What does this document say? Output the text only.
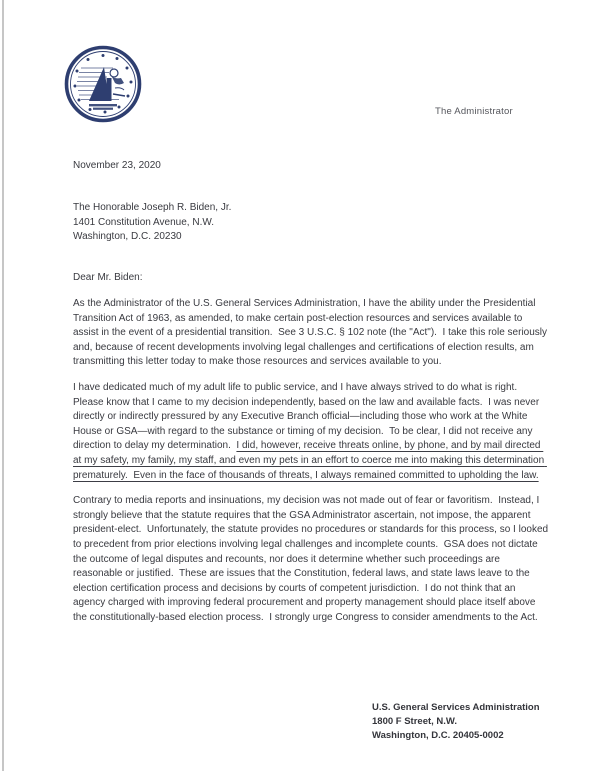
The Administrator
November 23, 2020
The Honorable Joseph R. Biden, Jr.
1401 Constitution Avenue, N.W.
Washington, D.C. 20230
Dear Mr. Biden:

As the Administrator of the U.S. General Services Administration, I have the ability under the Presidential Transition Act of 1963, as amended, to make certain post-election resources and services available to assist in the event of a presidential transition.  See 3 U.S.C. § 102 note (the "Act").  I take this role seriously and, because of recent developments involving legal challenges and certifications of election results, am transmitting this letter today to make those resources and services available to you.

I have dedicated much of my adult life to public service, and I have always strived to do what is right.  Please know that I came to my decision independently, based on the law and available facts.  I was never directly or indirectly pressured by any Executive Branch official—including those who work at the White House or GSA—with regard to the substance or timing of my decision.  To be clear, I did not receive any direction to delay my determination.  I did, however, receive threats online, by phone, and by mail directed at my safety, my family, my staff, and even my pets in an effort to coerce me into making this determination prematurely.  Even in the face of thousands of threats, I always remained committed to upholding the law.

Contrary to media reports and insinuations, my decision was not made out of fear or favoritism.  Instead, I strongly believe that the statute requires that the GSA Administrator ascertain, not impose, the apparent president-elect.  Unfortunately, the statute provides no procedures or standards for this process, so I looked to precedent from prior elections involving legal challenges and incomplete counts.  GSA does not dictate the outcome of legal disputes and recounts, nor does it determine whether such proceedings are reasonable or justified.  These are issues that the Constitution, federal laws, and state laws leave to the election certification process and decisions by courts of competent jurisdiction.  I do not think that an agency charged with improving federal procurement and property management should place itself above the constitutionally-based election process.  I strongly urge Congress to consider amendments to the Act.

U.S. General Services Administration
1800 F Street, N.W.
Washington, D.C. 20405-0002
